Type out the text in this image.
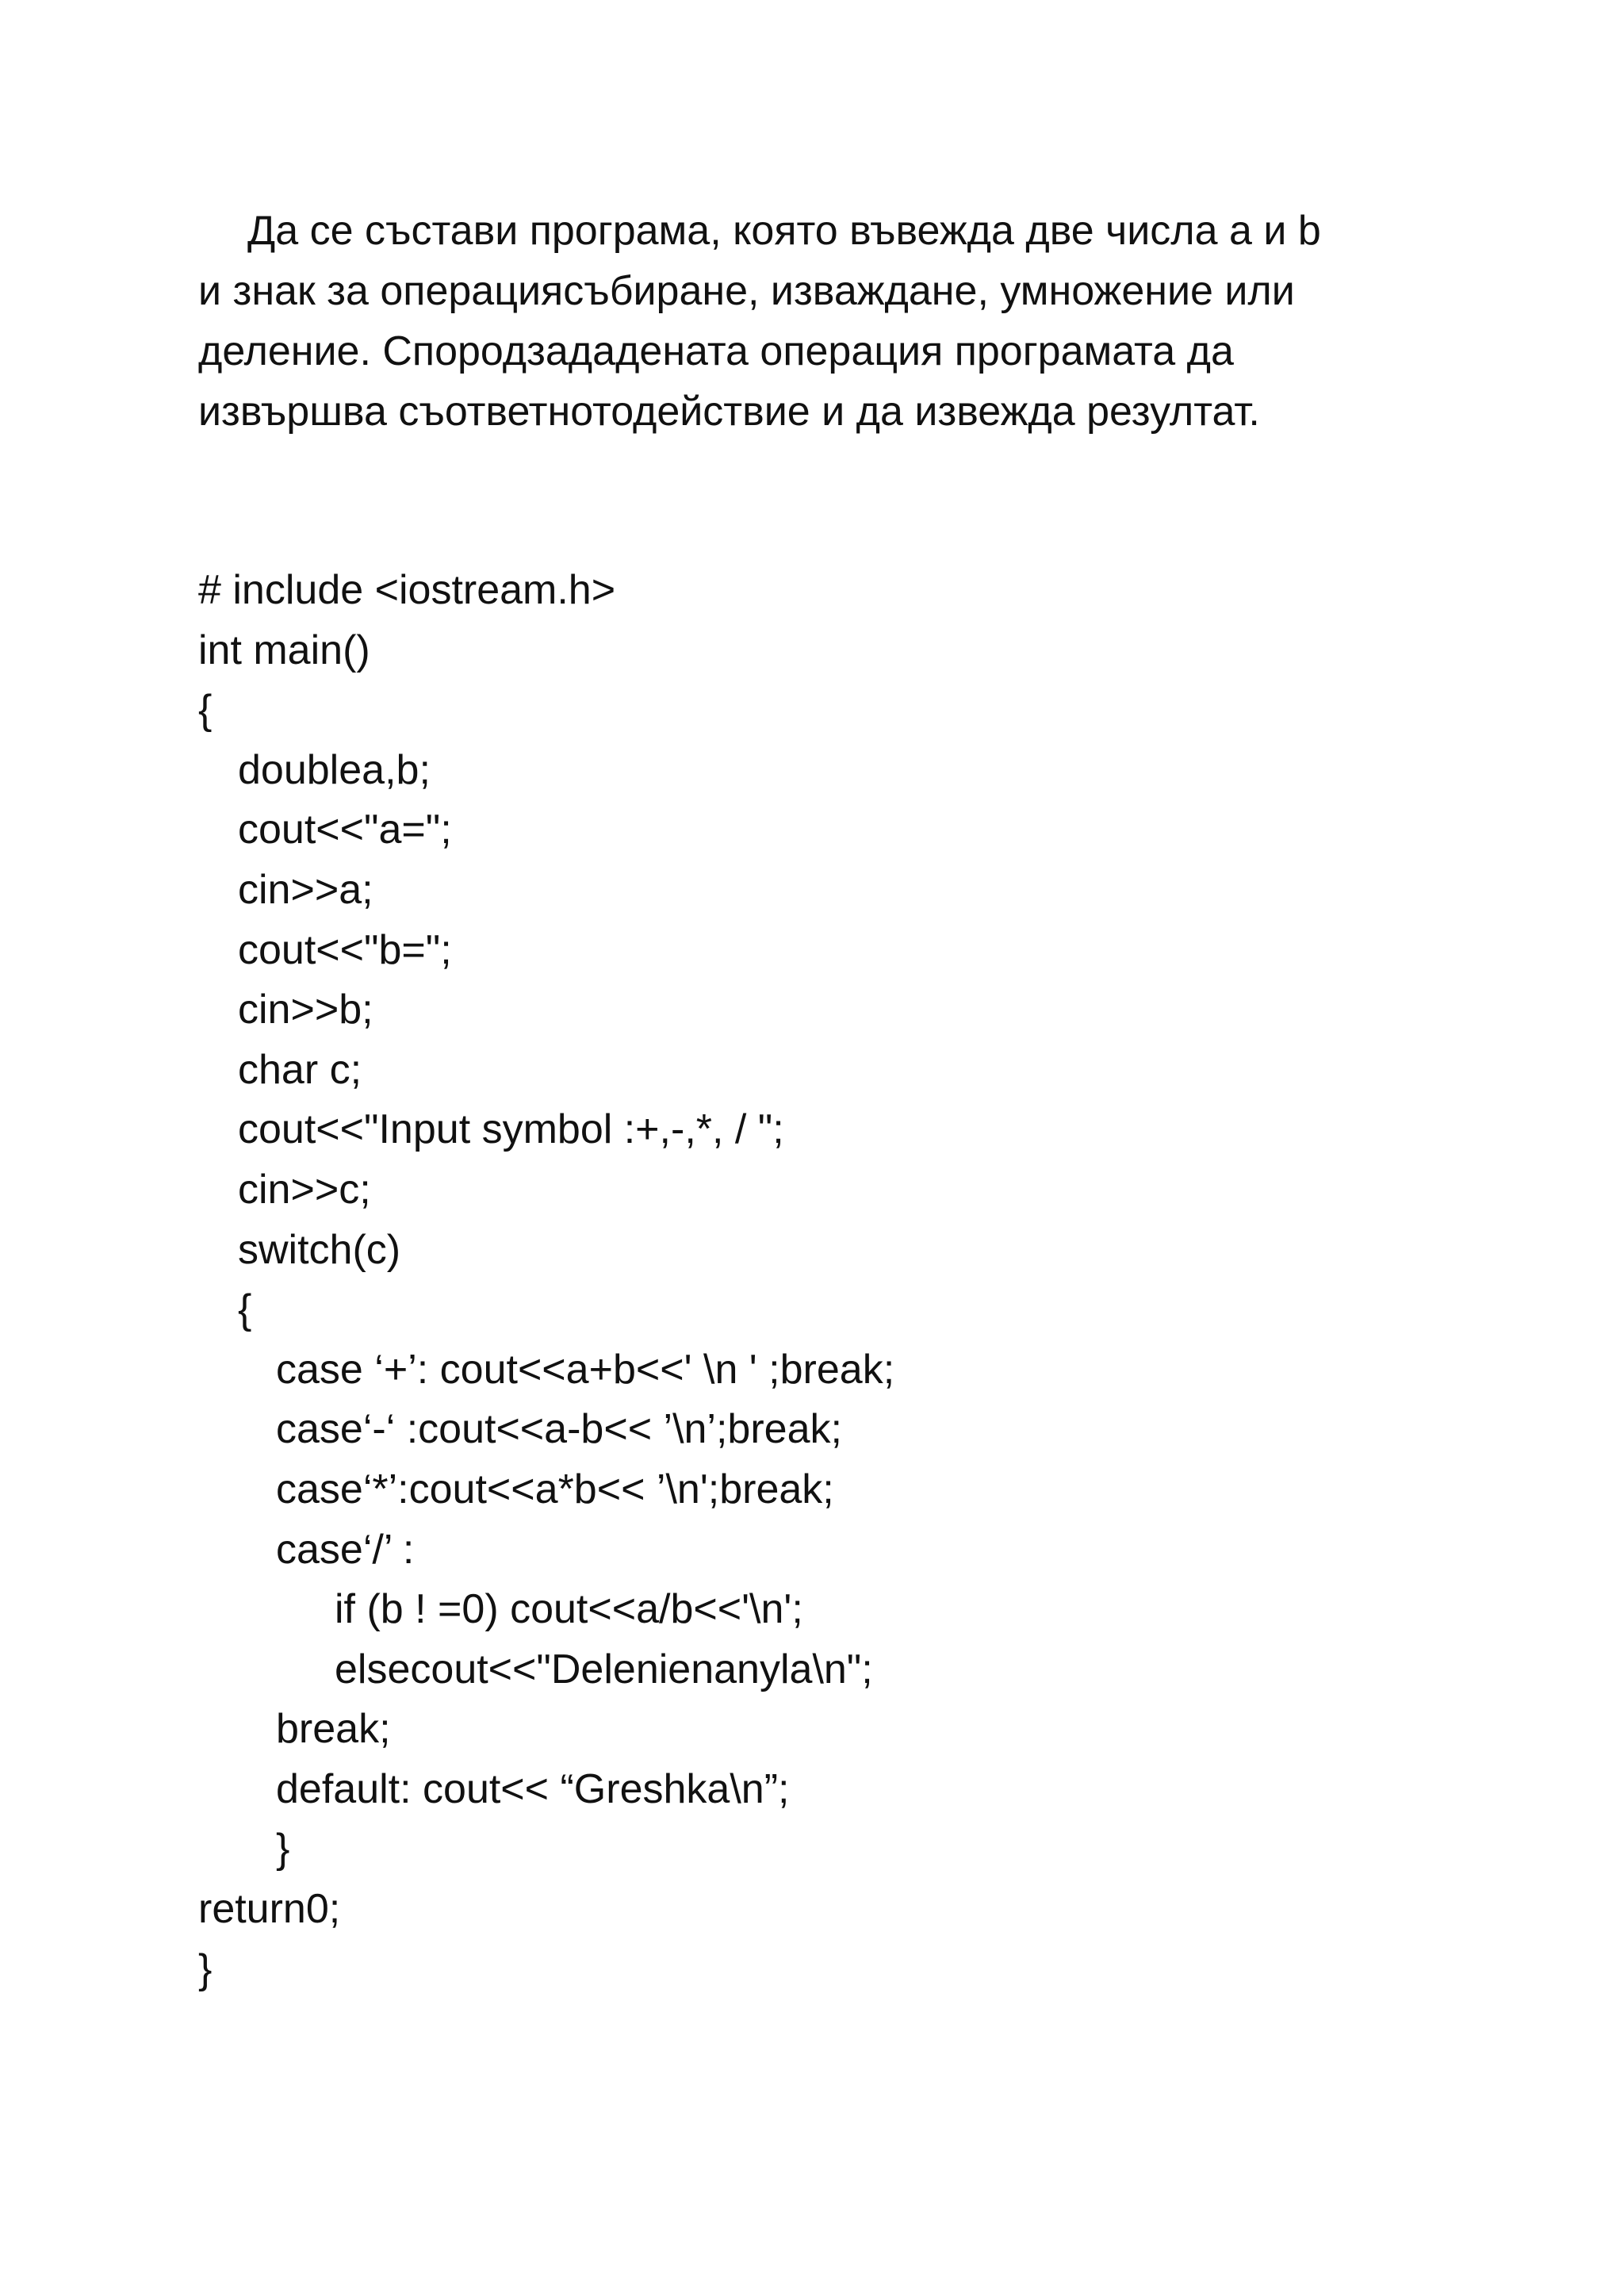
Да се състави програма, която въвежда две числа a и b
и знак за операциясъбиране, изваждане, умножение или
деление. Спородзададената операция програмата да
извършва съответнотодействие и да извежда резултат.
# include <iostream.h>
int main()
{
doublea,b;
cout<<"a=";
cin>>a;
cout<<"b=";
cin>>b;
char c;
cout<<"Input symbol :+,-,*, / ";
cin>>c;
switch(c)
{
case ‘+’: cout<<a+b<<' \n ' ;break;
case‘-‘ :cout<<a-b<< ’\n’;break;
case‘*’:cout<<a*b<< ’\n';break;
case‘/’ :
if (b ! =0) cout<<a/b<<'\n';
elsecout<<"Delenienanyla\n";
break;
default: cout<< “Greshka\n”;
}
return0;
}
